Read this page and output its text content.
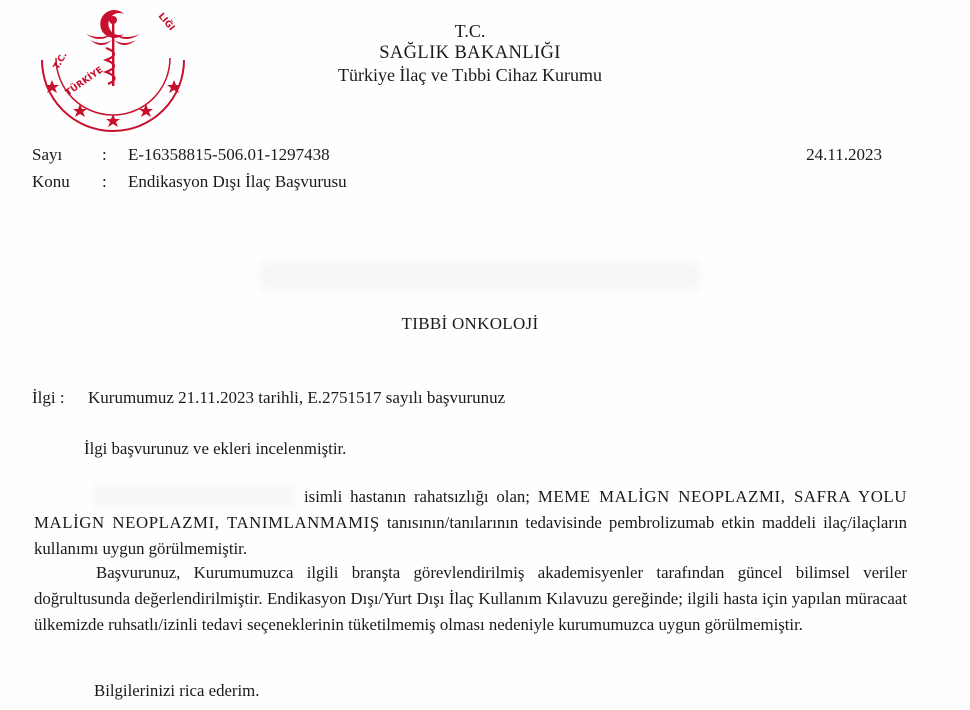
T.C.
LIĞI
TÜRKİYE
T.C.
SAĞLIK BAKANLIĞI
Türkiye İlaç ve Tıbbi Cihaz Kurumu
Sayı	:	E-16358815-506.01-1297438
Konu	:	Endikasyon Dışı İlaç Başvurusu
24.11.2023
TIBBİ ONKOLOJİ
İlgi : Kurumumuz 21.11.2023 tarihli, E.2751517 sayılı başvurunuz
İlgi başvurunuz ve ekleri incelenmiştir.
isimli hastanın rahatsızlığı olan; MEME MALİGN NEOPLAZMI, SAFRA YOLU MALİGN NEOPLAZMI, TANIMLANMAMIŞ tanısının/tanılarının tedavisinde pembrolizumab etkin maddeli ilaç/ilaçların kullanımı uygun görülmemiştir.
Başvurunuz, Kurumumuzca ilgili branşta görevlendirilmiş akademisyenler tarafından güncel bilimsel veriler doğrultusunda değerlendirilmiştir. Endikasyon Dışı/Yurt Dışı İlaç Kullanım Kılavuzu gereğinde; ilgili hasta için yapılan müracaat ülkemizde ruhsatlı/izinli tedavi seçeneklerinin tüketilmemiş olması nedeniyle kurumumuzca uygun görülmemiştir.
Bilgilerinizi rica ederim.
